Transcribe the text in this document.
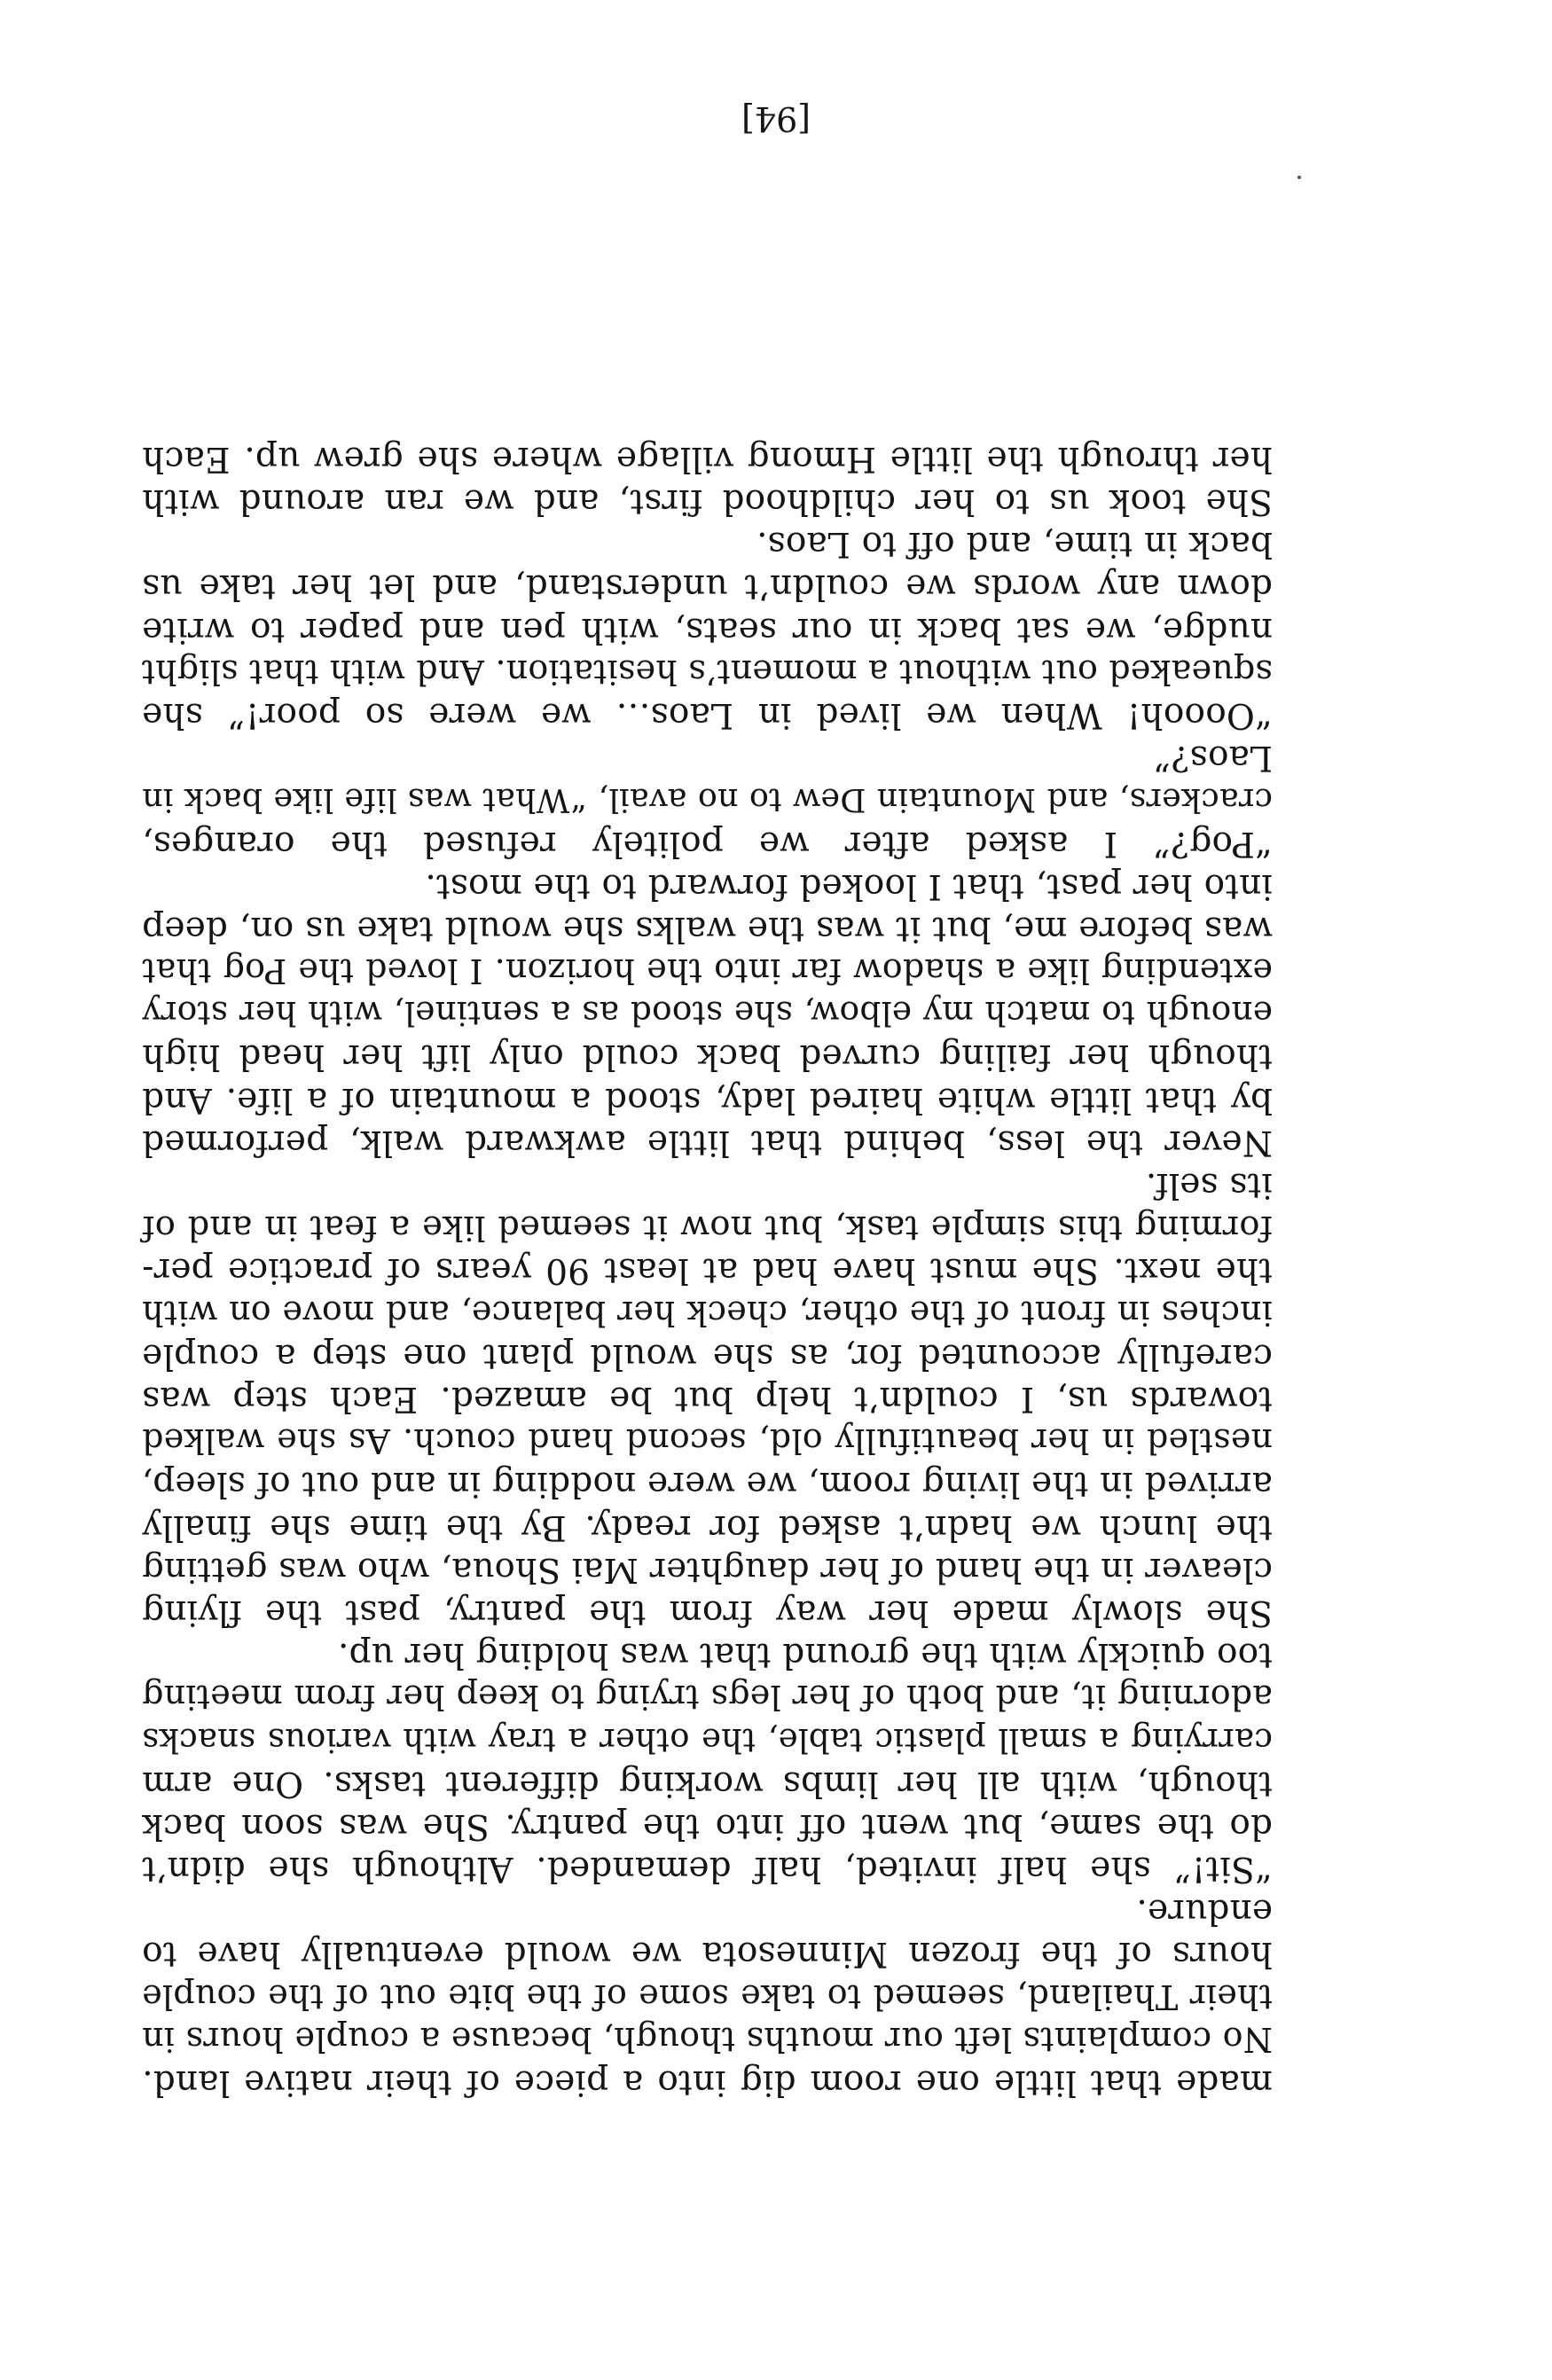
made that little one room dig into a piece of their native land.
No complaints left our mouths though, because a couple hours in
their Thailand, seemed to take some of the bite out of the couple
hours of the frozen Minnesota we would eventually have to
endure.
“Sit!” she half invited, half demanded. Although she didn’t
do the same, but went off into the pantry. She was soon back
though, with all her limbs working different tasks. One arm
carrying a small plastic table, the other a tray with various snacks
adorning it, and both of her legs trying to keep her from meeting
too quickly with the ground that was holding her up.
She slowly made her way from the pantry, past the flying
cleaver in the hand of her daughter Mai Shoua, who was getting
the lunch we hadn’t asked for ready. By the time she finally
arrived in the living room, we were nodding in and out of sleep,
nestled in her beautifully old, second hand couch. As she walked
towards us, I couldn’t help but be amazed. Each step was
carefully accounted for, as she would plant one step a couple
inches in front of the other, check her balance, and move on with
the next. She must have had at least 90 years of practice per-
forming this simple task, but now it seemed like a feat in and of
its self.
Never the less, behind that little awkward walk, performed
by that little white haired lady, stood a mountain of a life. And
though her failing curved back could only lift her head high
enough to match my elbow, she stood as a sentinel, with her story
extending like a shadow far into the horizon. I loved the Pog that
was before me, but it was the walks she would take us on, deep
into her past, that I looked forward to the most.
“Pog?” I asked after we politely refused the oranges,
crackers, and Mountain Dew to no avail, “What was life like back in
Laos?”
“Ooooh! When we lived in Laos… we were so poor!” she
squeaked out without a moment’s hesitation. And with that slight
nudge, we sat back in our seats, with pen and paper to write
down any words we couldn’t understand, and let her take us
back in time, and off to Laos.
She took us to her childhood first, and we ran around with
her through the little Hmong village where she grew up. Each
[94]
